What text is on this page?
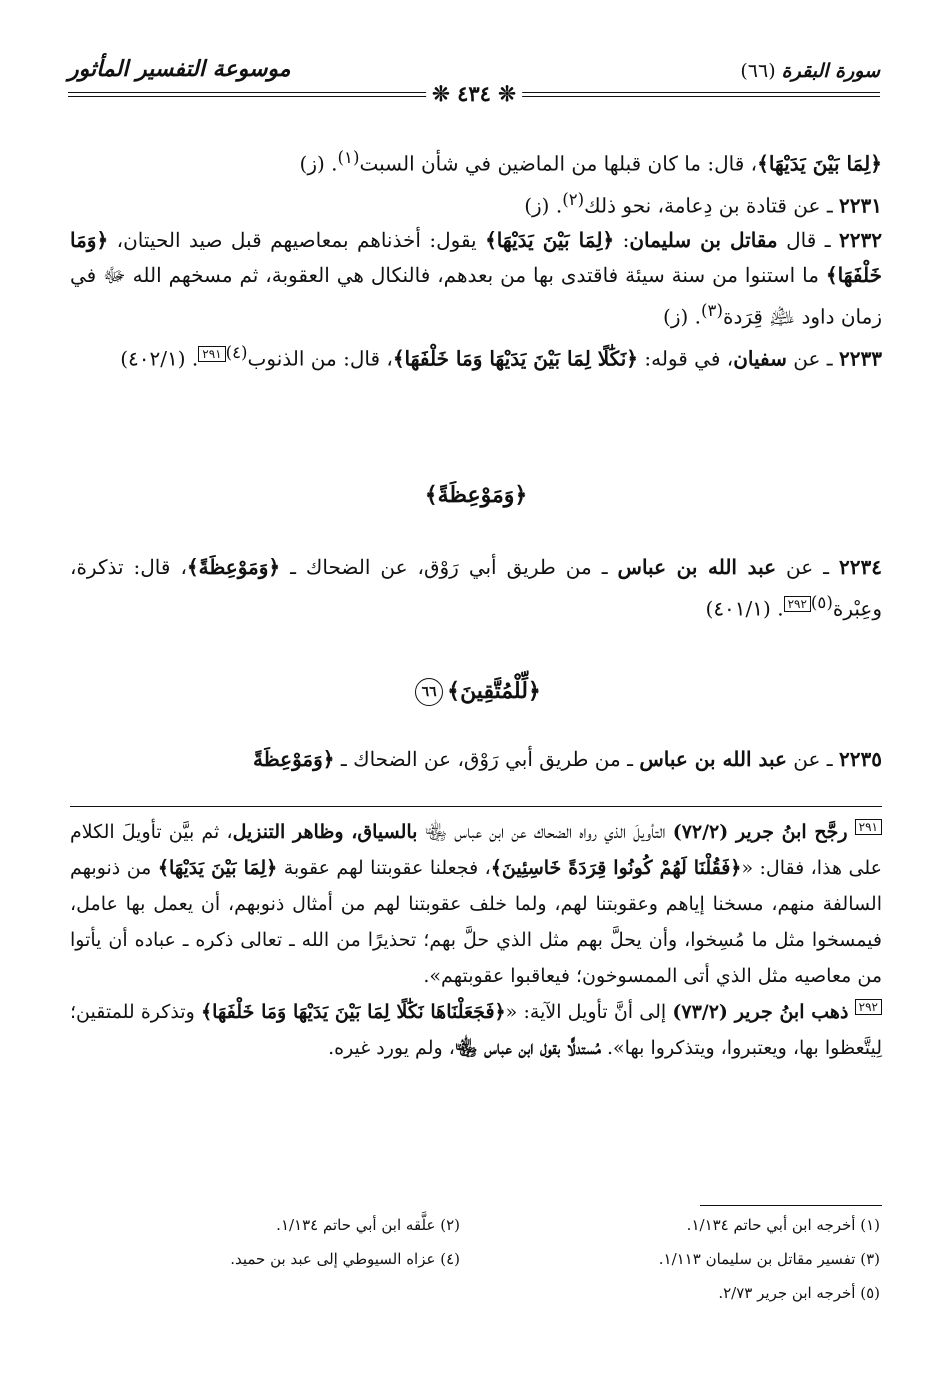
موسوعة التفسير المأثور	سورة البقرة (٦٦)
❊ ٤٣٤ ❊

﴿لِمَا بَيْنَ يَدَيْهَا﴾، قال: ما كان قبلها من الماضين في شأن السبت$^{(١)}$. (ز)

٢٢٣١ ـ عن قتادة بن دِعامة، نحو ذلك$^{(٢)}$. (ز)

٢٢٣٢ ـ قال مقاتل بن سليمان: ﴿لِمَا بَيْنَ يَدَيْهَا﴾ يقول: أخذناهم بمعاصيهم قبل صيد الحيتان، ﴿وَمَا خَلْفَهَا﴾ ما استنوا من سنة سيئة فاقتدى بها من بعدهم، فالنكال هي العقوبة، ثم مسخهم الله ﷻ في زمان داود ﵇ قِرَدة$^{(٣)}$. (ز)

٢٢٣٣ ـ عن سفيان، في قوله: ﴿نَكَٰلًا لِمَا بَيْنَ يَدَيْهَا وَمَا خَلْفَهَا﴾، قال: من الذنوب$^{(٤)}$٢٩١. (٤٠٢/١)

﴿وَمَوْعِظَةً﴾

٢٢٣٤ ـ عن عبد الله بن عباس ـ من طريق أبي رَوْق، عن الضحاك ـ ﴿وَمَوْعِظَةً﴾، قال: تذكرة، وعِبْرة$^{(٥)}$٢٩٢. (٤٠١/١)

﴿لِّلْمُتَّقِينَ﴾٦٦

٢٢٣٥ ـ عن عبد الله بن عباس ـ من طريق أبي رَوْق، عن الضحاك ـ ﴿وَمَوْعِظَةً

٢٩١ رجَّح ابنُ جرير (٧٢/٢) التأويلَ الذي رواه الضحاك عن ابن عباس ﵄ بالسياق، وظاهر التنزيل، ثم بيَّن تأويلَ الكلام على هذا، فقال: «﴿فَقُلْنَا لَهُمْ كُونُوا قِرَدَةً خَاسِئِينَ﴾، فجعلنا عقوبتنا لهم عقوبة ﴿لِمَا بَيْنَ يَدَيْهَا﴾ من ذنوبهم السالفة منهم، مسخنا إياهم وعقوبتنا لهم، ولما خلف عقوبتنا لهم من أمثال ذنوبهم، أن يعمل بها عامل، فيمسخوا مثل ما مُسِخوا، وأن يحلَّ بهم مثل الذي حلَّ بهم؛ تحذيرًا من الله ـ تعالى ذكره ـ عباده أن يأتوا من معاصيه مثل الذي أتى الممسوخون؛ فيعاقبوا عقوبتهم».

٢٩٢ ذهب ابنُ جرير (٧٣/٢) إلى أنَّ تأويل الآية: «﴿فَجَعَلْنَاهَا نَكَٰلًا لِمَا بَيْنَ يَدَيْهَا وَمَا خَلْفَهَا﴾ وتذكرة للمتقين؛ لِيتَّعظوا بها، ويعتبروا، ويتذكروا بها». مُستدلًّا بقول ابن عباس ﵄، ولم يورد غيره.

(١) أخرجه ابن أبي حاتم ١/١٣٤.
(٢) علَّقه ابن أبي حاتم ١/١٣٤.
(٣) تفسير مقاتل بن سليمان ١/١١٣.
(٤) عزاه السيوطي إلى عبد بن حميد.
(٥) أخرجه ابن جرير ٢/٧٣.
